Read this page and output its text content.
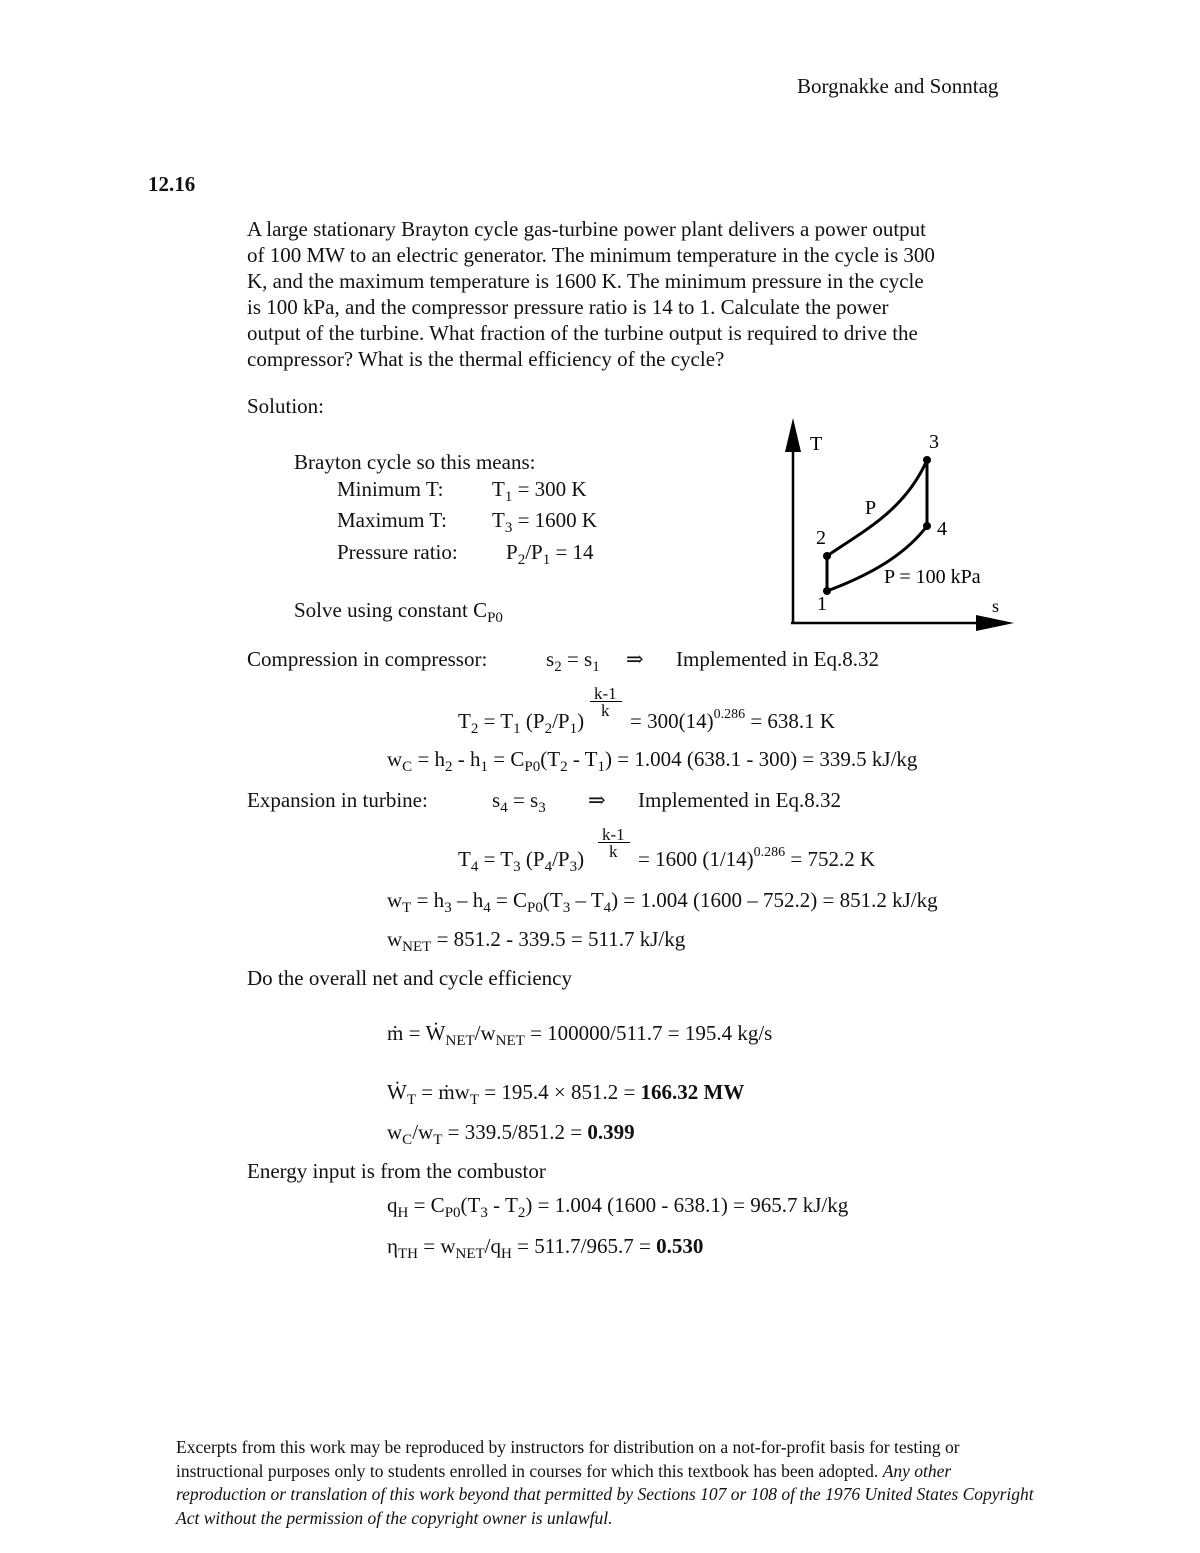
Borgnakke and Sonntag
12.16
A large stationary Brayton cycle gas-turbine power plant delivers a power output
of 100 MW to an electric generator. The minimum temperature in the cycle is 300
K, and the maximum temperature is 1600 K. The minimum pressure in the cycle
is 100 kPa, and the compressor pressure ratio is 14 to 1. Calculate the power
output of the turbine. What fraction of the turbine output is required to drive the
compressor? What is the thermal efficiency of the cycle?
Solution:
Brayton cycle so this means:
Minimum T: $T_1 = 300$ K
Maximum T: $T_3 = 1600$ K
Pressure ratio: $P_2/P_1 = 14$
Solve using constant $C_{P0}$
T
s
1
2
3
4
P
P = 100 kPa
Compression in compressor:	$s_2 = s_1$ ⇒ Implemented in Eq.8.32
k-1
k
$T_2 = T_1$ $(P_2/P_1) = 300(14)^{0.286} = 638.1$ K
$w_C = h_2 - h_1 = C_{P0}(T_2 - T_1) = 1.004$ (638.1 - 300) = 339.5 kJ/kg
Expansion in turbine:	$s_4 = s_3$ ⇒ Implemented in Eq.8.32
k-1
k
$T_4 = T_3$ $(P_4/P_3)$	= 1600 $(1/14)^{0.286} = 752.2$ K
$w_T = h_3 - h_4 = C_{P0}(T_3 - T_4) = 1.004$ (1600 – 752.2) = 851.2 kJ/kg
$w_{NET} = 851.2 - 339.5 = 511.7$ kJ/kg
Do the overall net and cycle efficiency
ṁ = $Ẇ_{NET}/w_{NET} = 100000/511.7 = 195.4$ kg/s
Ẇ$_T$ = ṁw$_T$ = 195.4 × 851.2 = 166.32 MW
$w_C/w_T = 339.5/851.2 = 0.399$
Energy input is from the combustor
$q_H = C_{P0}(T_3 - T_2) = 1.004$ (1600 - 638.1) = 965.7 kJ/kg
$\eta_{TH} = w_{NET}/q_H = 511.7/965.7 = 0.530$
Excerpts from this work may be reproduced by instructors for distribution on a not-for-profit basis for testing or instructional purposes only to students enrolled in courses for which this textbook has been adopted. Any other reproduction or translation of this work beyond that permitted by Sections 107 or 108 of the 1976 United States Copyright Act without the permission of the copyright owner is unlawful.
